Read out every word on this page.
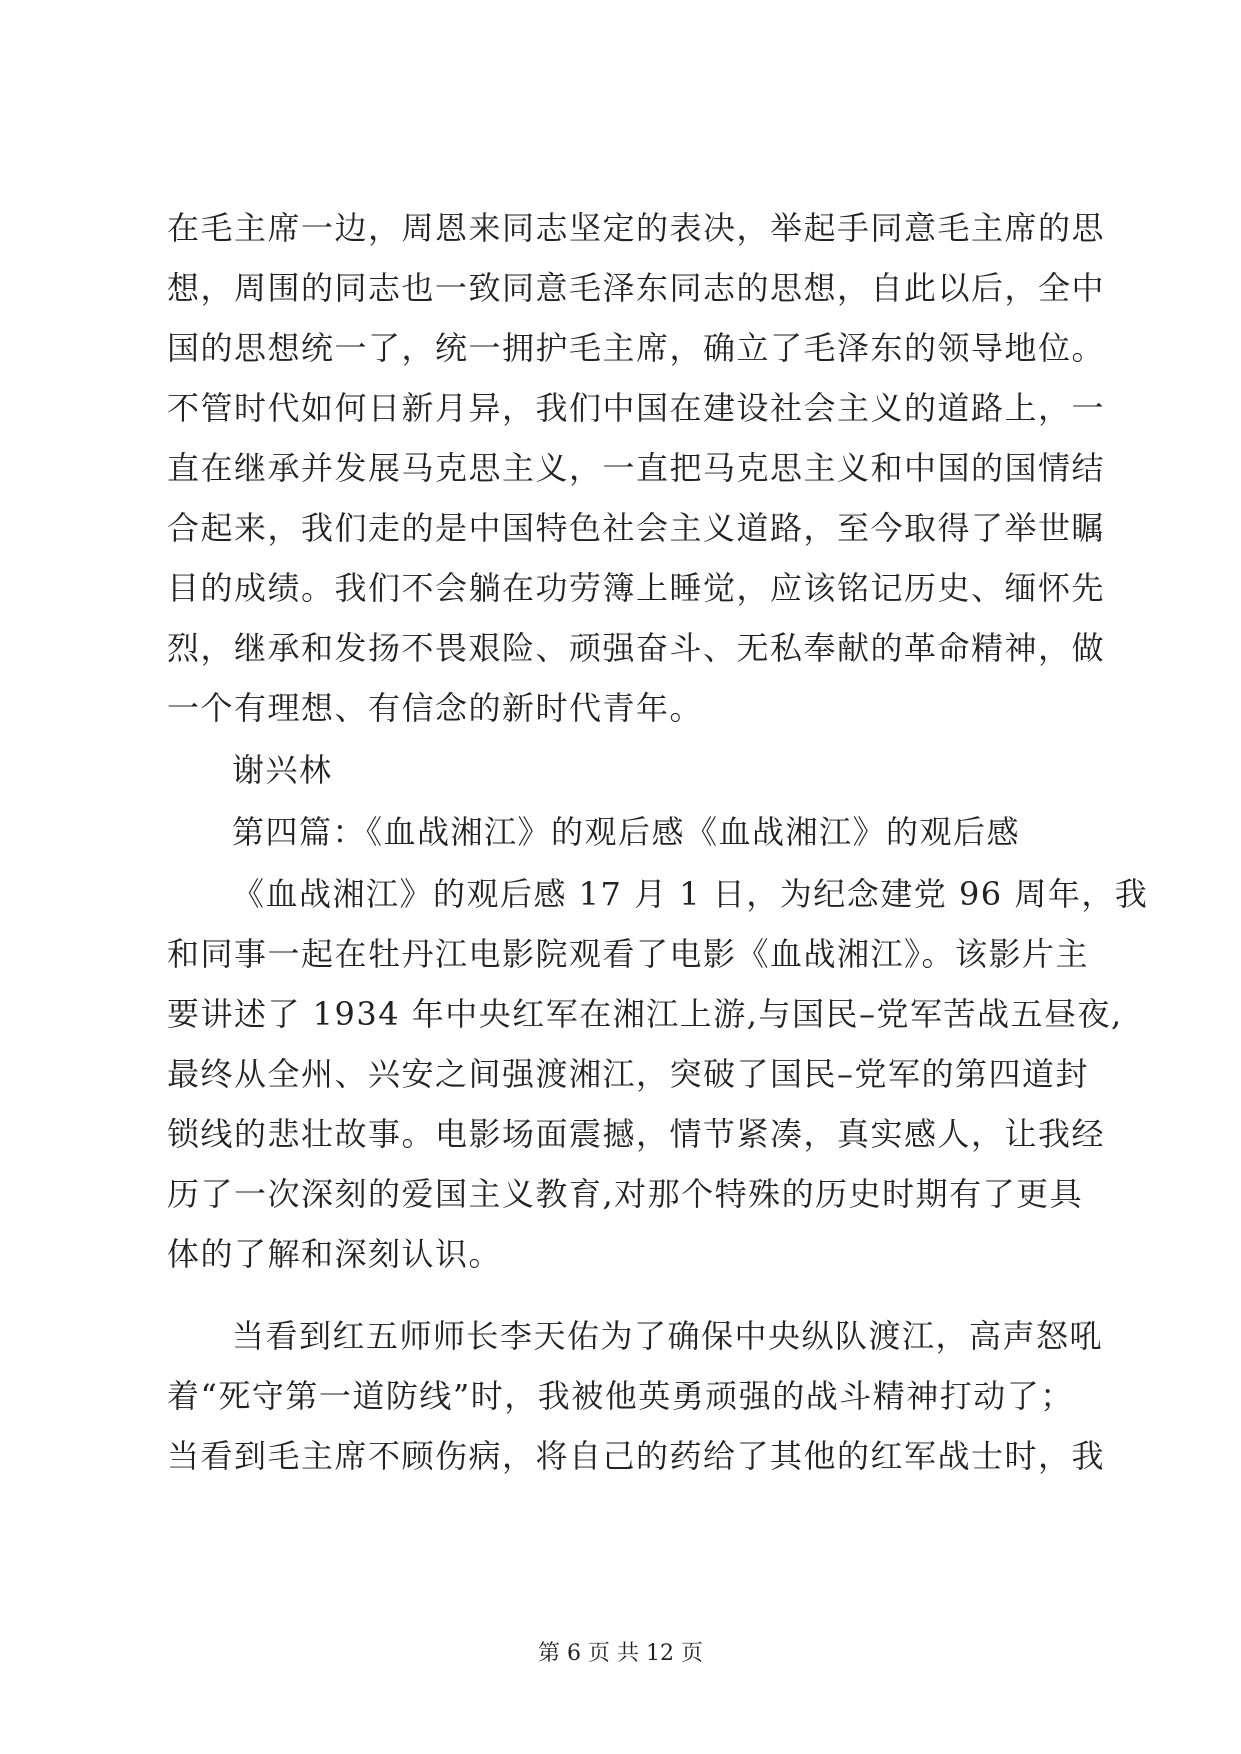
在毛主席一边，周恩来同志坚定的表决，举起手同意毛主席的思
想，周围的同志也一致同意毛泽东同志的思想，自此以后，全中
国的思想统一了，统一拥护毛主席，确立了毛泽东的领导地位。
不管时代如何日新月异，我们中国在建设社会主义的道路上，一
直在继承并发展马克思主义，一直把马克思主义和中国的国情结
合起来，我们走的是中国特色社会主义道路，至今取得了举世瞩
目的成绩。我们不会躺在功劳簿上睡觉，应该铭记历史、缅怀先
烈，继承和发扬不畏艰险、顽强奋斗、无私奉献的革命精神，做
一个有理想、有信念的新时代青年。
谢兴林
第四篇：《血战湘江》的观后感《血战湘江》的观后感
《血战湘江》的观后感 17 月 1 日，为纪念建党 96 周年，我
和同事一起在牡丹江电影院观看了电影《血战湘江》。该影片主
要讲述了 1934 年中央红军在湘江上游,与国民–党军苦战五昼夜,
最终从全州、兴安之间强渡湘江，突破了国民–党军的第四道封
锁线的悲壮故事。电影场面震撼，情节紧凑，真实感人，让我经
历了一次深刻的爱国主义教育,对那个特殊的历史时期有了更具
体的了解和深刻认识。
当看到红五师师长李天佑为了确保中央纵队渡江，高声怒吼
着“死守第一道防线”时，我被他英勇顽强的战斗精神打动了；
当看到毛主席不顾伤病，将自己的药给了其他的红军战士时，我
第 6 页 共 12 页
